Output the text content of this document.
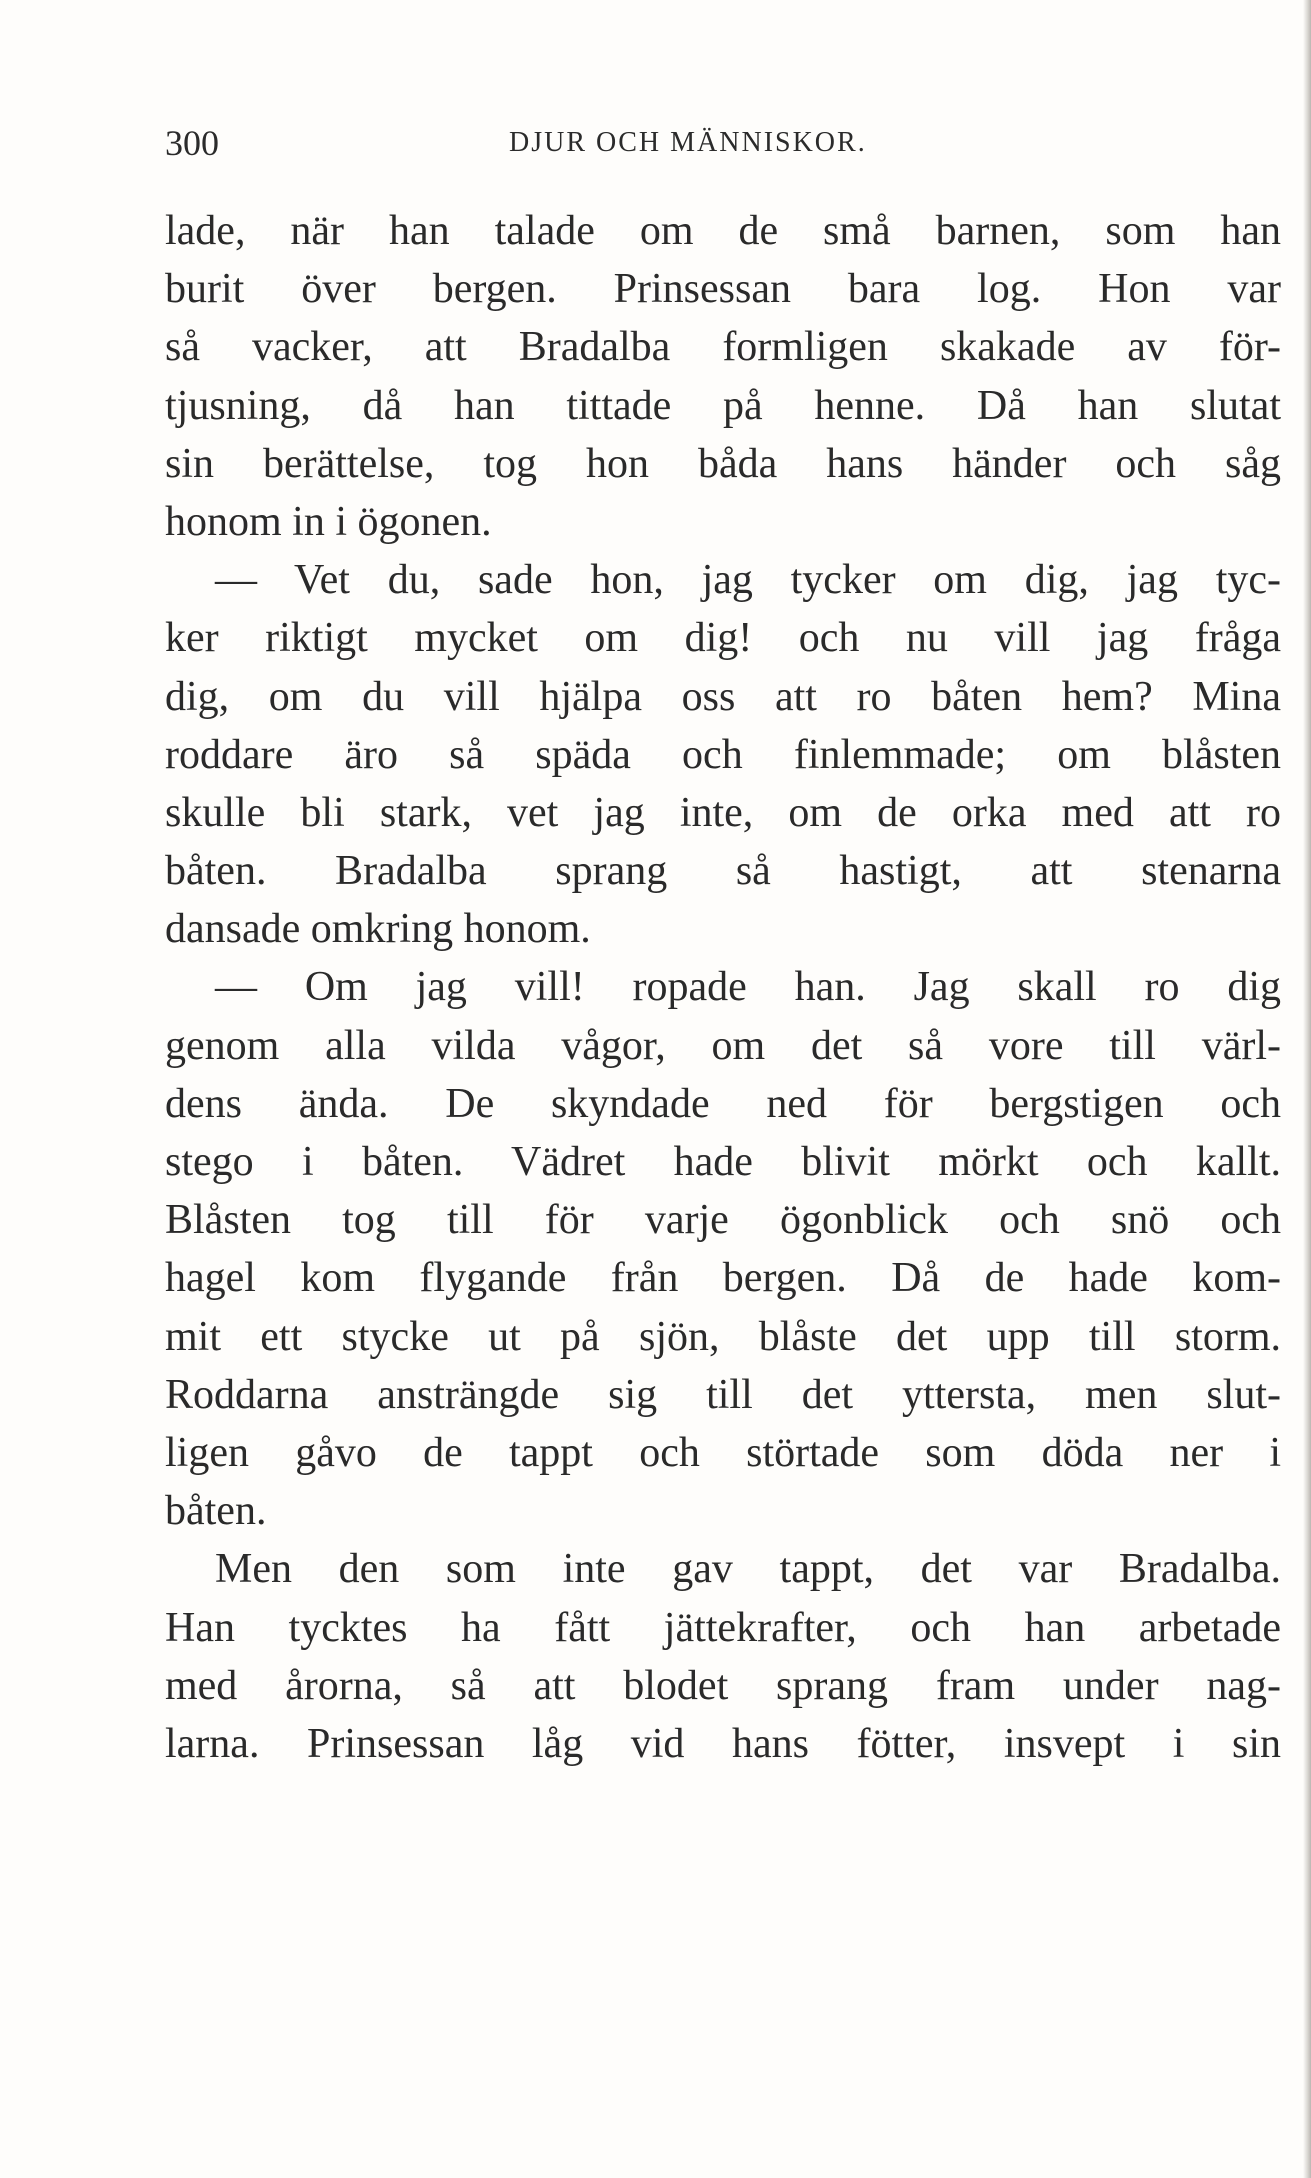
300	DJUR OCH MÄNNISKOR.
lade, när han talade om de små barnen, som han
burit över bergen. Prinsessan bara log. Hon var
så vacker, att Bradalba formligen skakade av för-
tjusning, då han tittade på henne. Då han slutat
sin berättelse, tog hon båda hans händer och såg
honom in i ögonen.
— Vet du, sade hon, jag tycker om dig, jag tyc-
ker riktigt mycket om dig! och nu vill jag fråga
dig, om du vill hjälpa oss att ro båten hem? Mina
roddare äro så späda och finlemmade; om blåsten
skulle bli stark, vet jag inte, om de orka med att ro
båten. Bradalba sprang så hastigt, att stenarna
dansade omkring honom.
— Om jag vill! ropade han. Jag skall ro dig
genom alla vilda vågor, om det så vore till värl-
dens ända. De skyndade ned för bergstigen och
stego i båten. Vädret hade blivit mörkt och kallt.
Blåsten tog till för varje ögonblick och snö och
hagel kom flygande från bergen. Då de hade kom-
mit ett stycke ut på sjön, blåste det upp till storm.
Roddarna ansträngde sig till det yttersta, men slut-
ligen gåvo de tappt och störtade som döda ner i
båten.
Men den som inte gav tappt, det var Bradalba.
Han tycktes ha fått jättekrafter, och han arbetade
med årorna, så att blodet sprang fram under nag-
larna. Prinsessan låg vid hans fötter, insvept i sin
